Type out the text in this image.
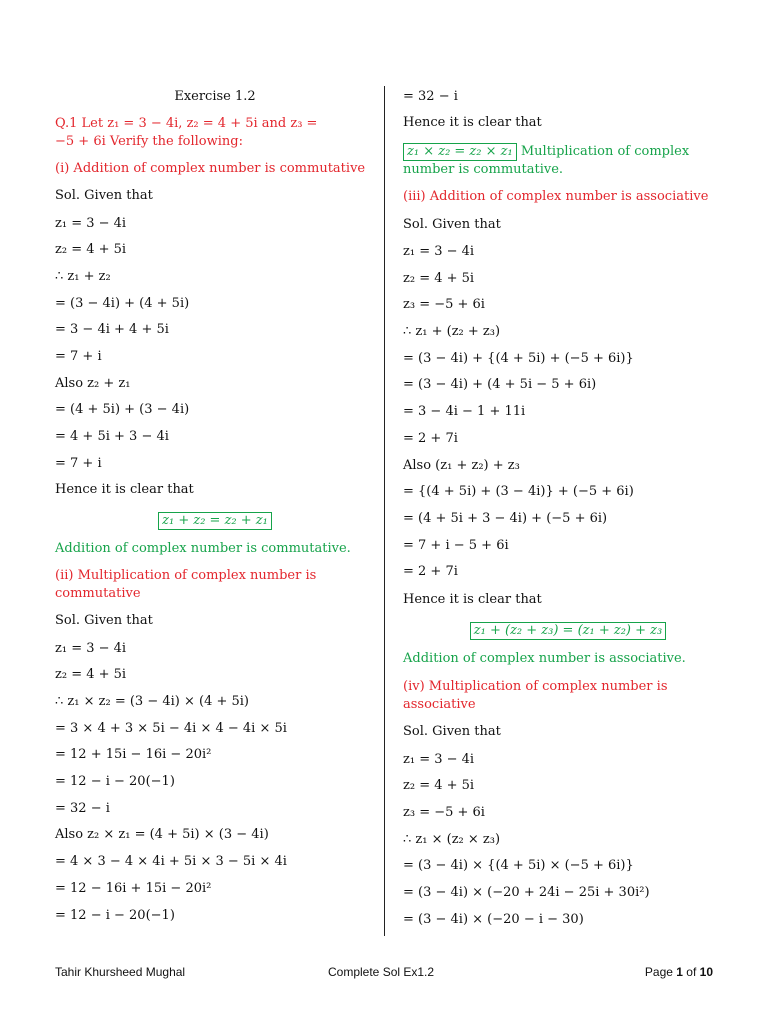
Exercise 1.2
Q.1 Let z₁ = 3 − 4i, z₂ = 4 + 5i and z₃ =
−5 + 6i Verify the following:
(i) Addition of complex number is commutative
Sol. Given that
z₁ = 3 − 4i
z₂ = 4 + 5i
∴ z₁ + z₂
= (3 − 4i) + (4 + 5i)
= 3 − 4i + 4 + 5i
= 7 + i
Also z₂ + z₁
= (4 + 5i) + (3 − 4i)
= 4 + 5i + 3 − 4i
= 7 + i
Hence it is clear that
z₁ + z₂ = z₂ + z₁
Addition of complex number is commutative.
(ii) Multiplication of complex number is
commutative
Sol. Given that
z₁ = 3 − 4i
z₂ = 4 + 5i
∴ z₁ × z₂ = (3 − 4i) × (4 + 5i)
= 3 × 4 + 3 × 5i − 4i × 4 − 4i × 5i
= 12 + 15i − 16i − 20i²
= 12 − i − 20(−1)
= 32 − i
Also z₂ × z₁ = (4 + 5i) × (3 − 4i)
= 4 × 3 − 4 × 4i + 5i × 3 − 5i × 4i
= 12 − 16i + 15i − 20i²
= 12 − i − 20(−1)
= 32 − i
Hence it is clear that
z₁ × z₂ = z₂ × z₁ Multiplication of complex
number is commutative.
(iii) Addition of complex number is associative
Sol. Given that
z₁ = 3 − 4i
z₂ = 4 + 5i
z₃ = −5 + 6i
∴ z₁ + (z₂ + z₃)
= (3 − 4i) + {(4 + 5i) + (−5 + 6i)}
= (3 − 4i) + (4 + 5i − 5 + 6i)
= 3 − 4i − 1 + 11i
= 2 + 7i
Also (z₁ + z₂) + z₃
= {(4 + 5i) + (3 − 4i)} + (−5 + 6i)
= (4 + 5i + 3 − 4i) + (−5 + 6i)
= 7 + i − 5 + 6i
= 2 + 7i
Hence it is clear that
z₁ + (z₂ + z₃) = (z₁ + z₂) + z₃
Addition of complex number is associative.
(iv) Multiplication of complex number is
associative
Sol. Given that
z₁ = 3 − 4i
z₂ = 4 + 5i
z₃ = −5 + 6i
∴ z₁ × (z₂ × z₃)
= (3 − 4i) × {(4 + 5i) × (−5 + 6i)}
= (3 − 4i) × (−20 + 24i − 25i + 30i²)
= (3 − 4i) × (−20 − i − 30)
Tahir Khursheed Mughal	Complete Sol Ex1.2	Page 1 of 10
